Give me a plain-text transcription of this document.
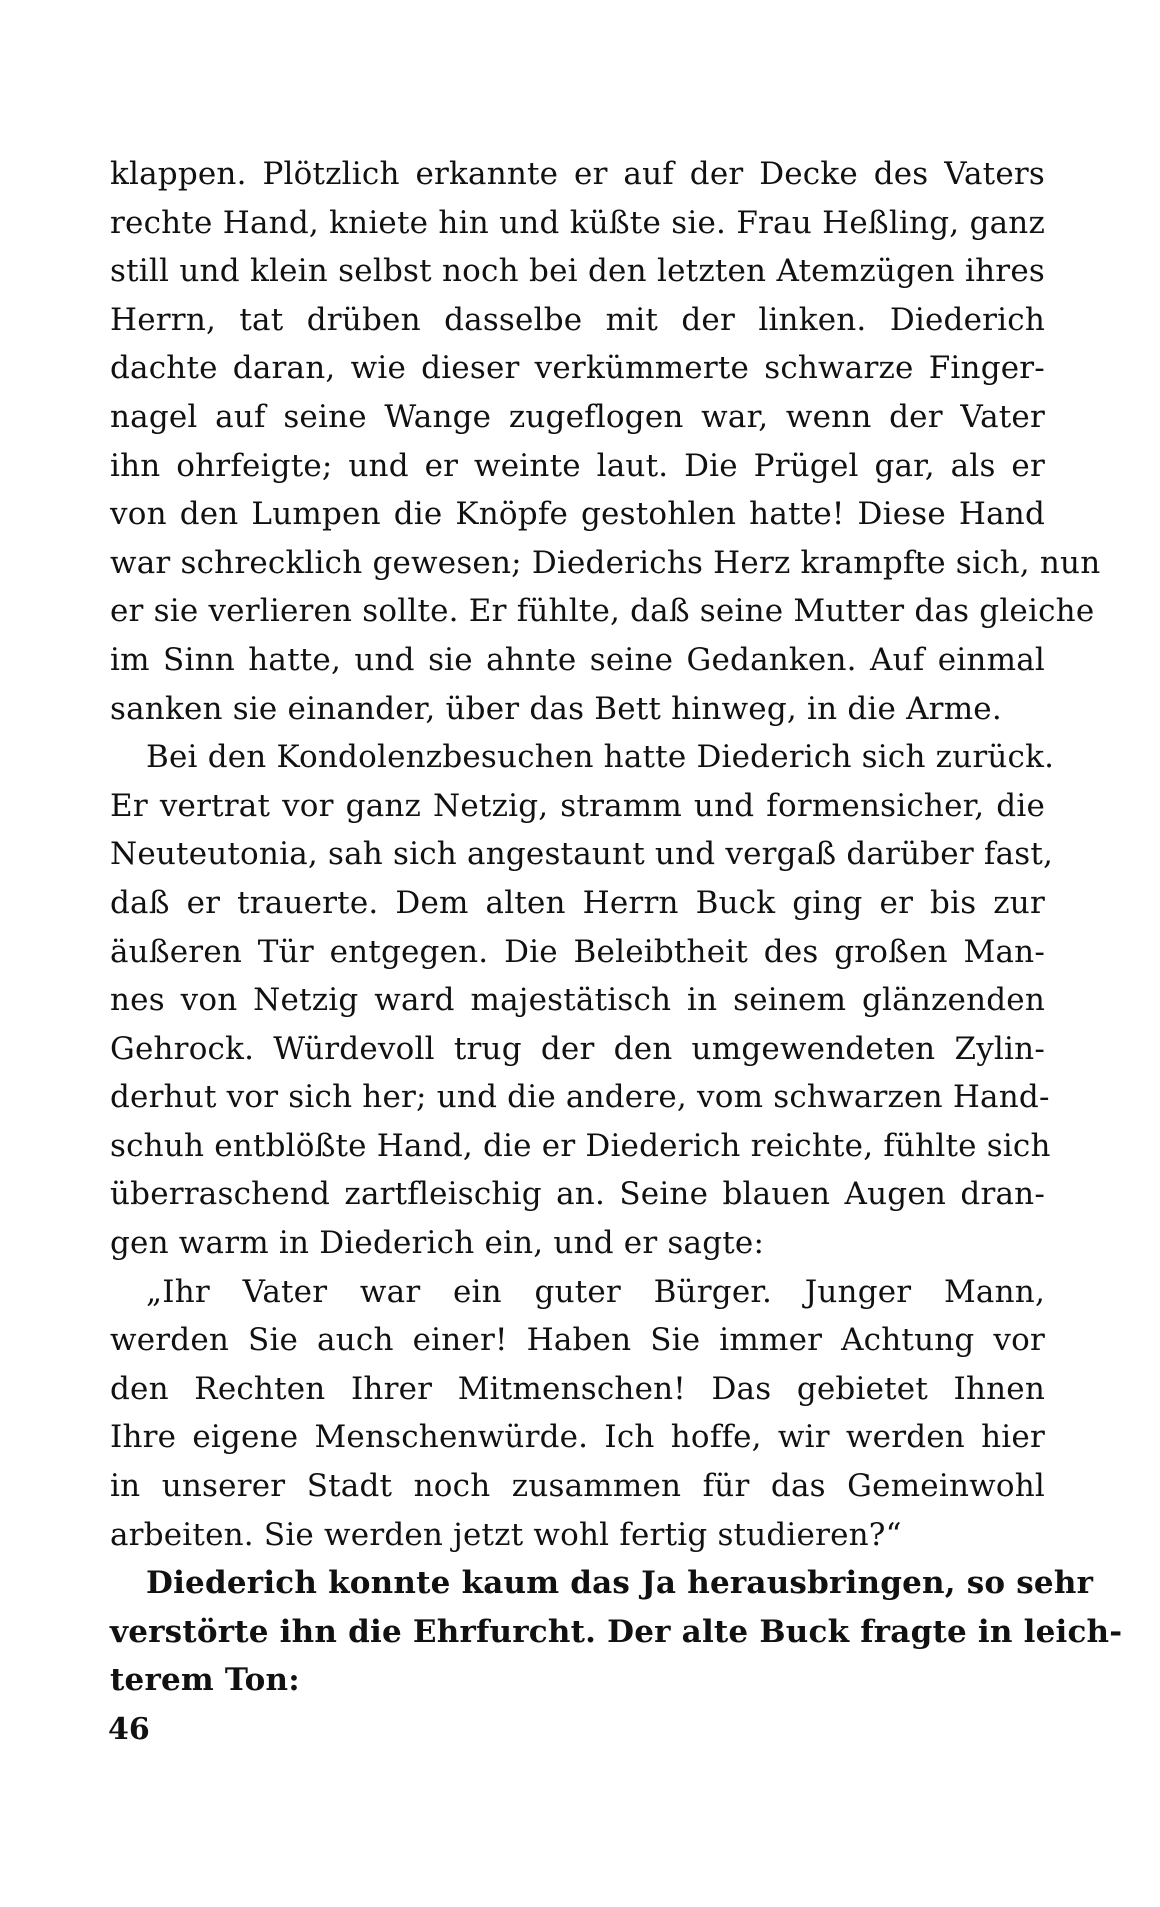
klappen. Plötzlich erkannte er auf der Decke des Vaters
rechte Hand, kniete hin und küßte sie. Frau Heßling, ganz
still und klein selbst noch bei den letzten Atemzügen ihres
Herrn, tat drüben dasselbe mit der linken. Diederich
dachte daran, wie dieser verkümmerte schwarze Finger-
nagel auf seine Wange zugeflogen war, wenn der Vater
ihn ohrfeigte; und er weinte laut. Die Prügel gar, als er
von den Lumpen die Knöpfe gestohlen hatte! Diese Hand
war schrecklich gewesen; Diederichs Herz krampfte sich, nun
er sie verlieren sollte. Er fühlte, daß seine Mutter das gleiche
im Sinn hatte, und sie ahnte seine Gedanken. Auf einmal
sanken sie einander, über das Bett hinweg, in die Arme.
Bei den Kondolenzbesuchen hatte Diederich sich zurück.
Er vertrat vor ganz Netzig, stramm und formensicher, die
Neuteutonia, sah sich angestaunt und vergaß darüber fast,
daß er trauerte. Dem alten Herrn Buck ging er bis zur
äußeren Tür entgegen. Die Beleibtheit des großen Man-
nes von Netzig ward majestätisch in seinem glänzenden
Gehrock. Würdevoll trug der den umgewendeten Zylin-
derhut vor sich her; und die andere, vom schwarzen Hand-
schuh entblößte Hand, die er Diederich reichte, fühlte sich
überraschend zartfleischig an. Seine blauen Augen dran-
gen warm in Diederich ein, und er sagte:
„Ihr Vater war ein guter Bürger. Junger Mann,
werden Sie auch einer! Haben Sie immer Achtung vor
den Rechten Ihrer Mitmenschen! Das gebietet Ihnen
Ihre eigene Menschenwürde. Ich hoffe, wir werden hier
in unserer Stadt noch zusammen für das Gemeinwohl
arbeiten. Sie werden jetzt wohl fertig studieren?“
Diederich konnte kaum das Ja herausbringen, so sehr
verstörte ihn die Ehrfurcht. Der alte Buck fragte in leich-
terem Ton:
46
